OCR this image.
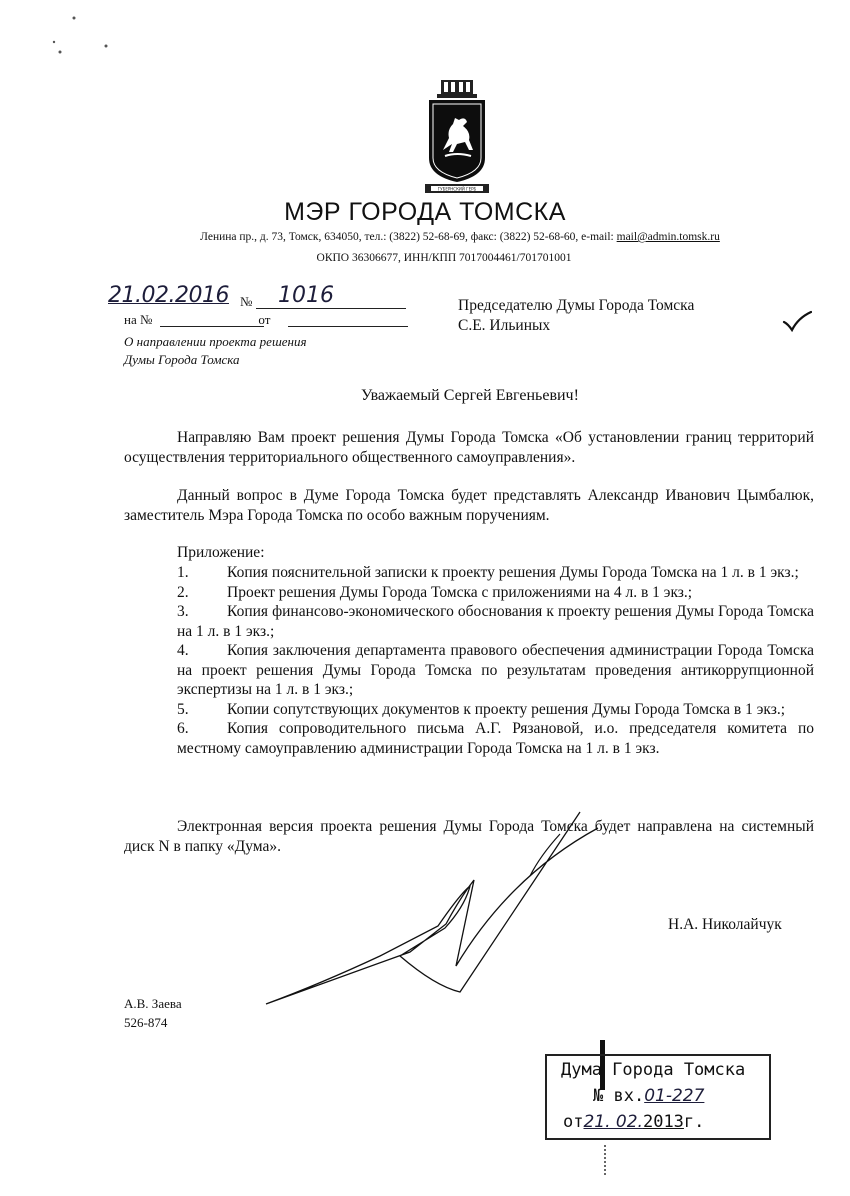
ГУБЕРНСКИЙ ГЕРБ
МЭР ГОРОДА ТОМСКА
Ленина пр., д. 73, Томск, 634050, тел.: (3822) 52-68-69, факс: (3822) 52-68-60, e-mail: mail@admin.tomsk.ru
ОКПО 36306677, ИНН/КПП 7017004461/701701001
21.02.2016 № 1016
на №	от
О направлении проекта решения
Думы Города Томска
Председателю Думы Города Томска
С.Е. Ильиных
Уважаемый Сергей Евгеньевич!
Направляю Вам проект решения Думы Города Томска «Об установлении границ территорий осуществления территориального общественного самоуправления».
Данный вопрос в Думе Города Томска будет представлять Александр Иванович Цымбалюк, заместитель Мэра Города Томска по особо важным поручениям.
Приложение:
1. Копия пояснительной записки к проекту решения Думы Города Томска на 1 л. в 1 экз.;
2. Проект решения Думы Города Томска с приложениями на 4 л. в 1 экз.;
3. Копия финансово-экономического обоснования к проекту решения Думы Города Томска на 1 л. в 1 экз.;
4. Копия заключения департамента правового обеспечения администрации Города Томска на проект решения Думы Города Томска по результатам проведения антикоррупционной экспертизы на 1 л. в 1 экз.;
5. Копии сопутствующих документов к проекту решения Думы Города Томска в 1 экз.;
6. Копия сопроводительного письма А.Г. Рязановой, и.о. председателя комитета по местному самоуправлению администрации Города Томска на 1 л. в 1 экз.
Электронная версия проекта решения Думы Города Томска будет направлена на системный диск N в папку «Дума».
Н.А. Николайчук
А.В. Заева
526-874
Дума Города Томска
№ вх.01-227
от21. 02.2013г.
